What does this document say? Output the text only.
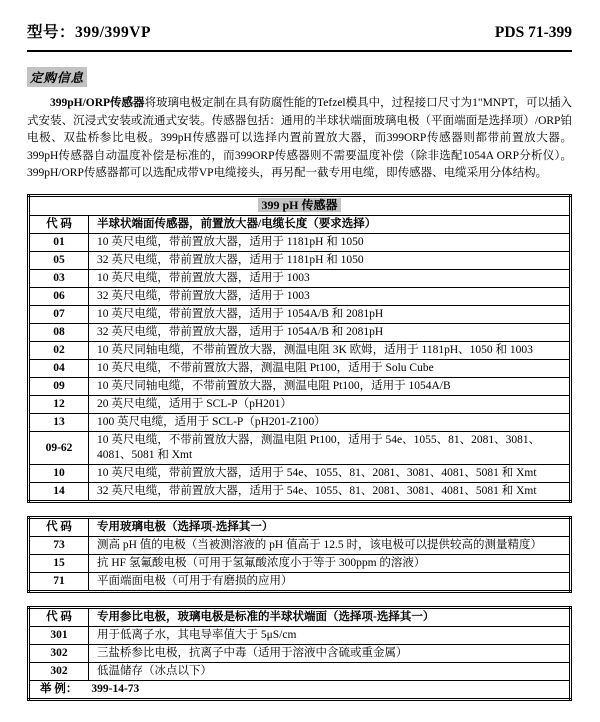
型号：399/399VP	PDS 71-399
定购信息

399pH/ORP传感器将玻璃电极定制在具有防腐性能的Tefzel模具中，过程接口尺寸为1"MNPT，可以插入式安装、沉浸式安装或流通式安装。传感器包括：通用的半球状端面玻璃电极（平面端面是选择项）/ORP铂电极、双盐桥参比电极。399pH传感器可以选择内置前置放大器，而399ORP传感器则都带前置放大器。399pH传感器自动温度补偿是标准的，而399ORP传感器则不需要温度补偿（除非选配1054A ORP分析仪）。399pH/ORP传感器都可以选配成带VP电缆接头，再另配一截专用电缆，即传感器、电缆采用分体结构。

399 pH 传感器	
代 码	半球状端面传感器，前置放大器/电缆长度（要求选择）
01	10 英尺电缆，带前置放大器，适用于 1181pH 和 1050
05	32 英尺电缆，带前置放大器，适用于 1181pH 和 1050
03	10 英尺电缆，带前置放大器，适用于 1003
06	32 英尺电缆，带前置放大器，适用于 1003
07	10 英尺电缆，带前置放大器，适用于 1054A/B 和 2081pH
08	32 英尺电缆，带前置放大器，适用于 1054A/B 和 2081pH
02	10 英尺同轴电缆，不带前置放大器，测温电阻 3K 欧姆，适用于 1181pH、1050 和 1003
04	10 英尺电缆，不带前置放大器，测温电阻 Pt100，适用于 Solu Cube
09	10 英尺同轴电缆，不带前置放大器，测温电阻 Pt100，适用于 1054A/B
12	20 英尺电缆，适用于 SCL-P（pH201）
13	100 英尺电缆，适用于 SCL-P（pH201-Z100）
09-62	10 英尺电缆，不带前置放大器，测温电阻 Pt100，适用于 54e、1055、81、2081、3081、4081、5081 和 Xmt
10	10 英尺电缆，带前置放大器，适用于 54e、1055、81、2081、3081、4081、5081 和 Xmt
14	32 英尺电缆，带前置放大器，适用于 54e、1055、81、2081、3081、4081、5081 和 Xmt
代 码	专用玻璃电极（选择项-选择其一）
73	测高 pH 值的电极（当被测溶液的 pH 值高于 12.5 时，该电极可以提供较高的测量精度）
15	抗 HF 氢氟酸电极（可用于氢氟酸浓度小于等于 300ppm 的溶液）
71	平面端面电极（可用于有磨损的应用）
代 码	专用参比电极，玻璃电极是标准的半球状端面（选择项-选择其一）
301	用于低离子水，其电导率值大于 5μS/cm
302	三盐桥参比电极，抗离子中毒（适用于溶液中含硫或重金属）
302	低温储存（冰点以下）
举 例： 399-14-73	
